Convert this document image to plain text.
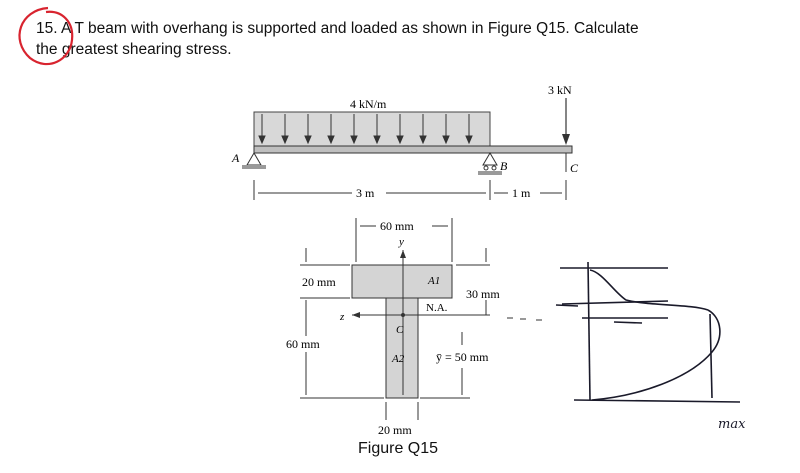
15. A T beam with overhang is supported and loaded as shown in Figure Q15. Calculate
the greatest shearing stress.
4 kN/m
3 kN
A
B	C
3 m	1 m
60 mm
y
20 mm
60 mm
z
A1
N.A.
C
A2
30 mm
ȳ = 50 mm
20 mm	max
Figure Q15
